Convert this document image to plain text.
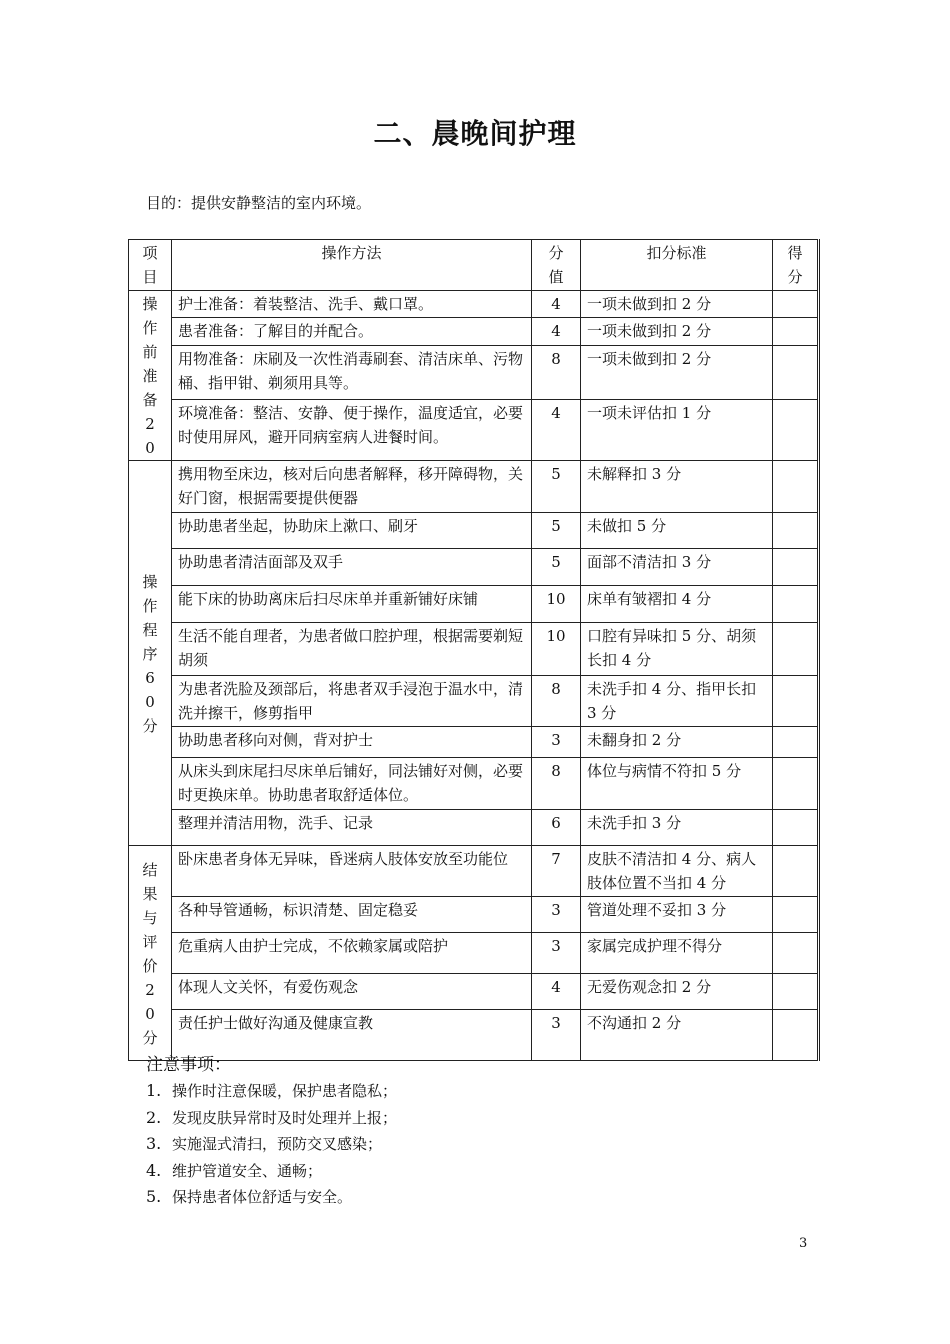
二、晨晚间护理
目的：提供安静整洁的室内环境。
项目	操作方法	分值	扣分标准	得分
操作前准备20	护士准备：着装整洁、洗手、戴口罩。	4	一项未做到扣 2 分	
	患者准备：了解目的并配合。	4	一项未做到扣 2 分	
	用物准备：床刷及一次性消毒刷套、清洁床单、污物桶、指甲钳、剃须用具等。	8	一项未做到扣 2 分	
	环境准备：整洁、安静、便于操作，温度适宜，必要时使用屏风，避开同病室病人进餐时间。	4	一项未评估扣 1 分	
操作程序60分	携用物至床边，核对后向患者解释，移开障碍物，关好门窗，根据需要提供便器	5	未解释扣 3 分	
	协助患者坐起，协助床上漱口、刷牙	5	未做扣 5 分	
	协助患者清洁面部及双手	5	面部不清洁扣 3 分	
	能下床的协助离床后扫尽床单并重新铺好床铺	10	床单有皱褶扣 4 分	
	生活不能自理者，为患者做口腔护理，根据需要剃短胡须	10	口腔有异味扣 5 分、胡须长扣 4 分	
	为患者洗脸及颈部后，将患者双手浸泡于温水中，清洗并擦干，修剪指甲	8	未洗手扣 4 分、指甲长扣 3 分	
	协助患者移向对侧，背对护士	3	未翻身扣 2 分	
	从床头到床尾扫尽床单后铺好，同法铺好对侧，必要时更换床单。协助患者取舒适体位。	8	体位与病情不符扣 5 分	
	整理并清洁用物，洗手、记录	6	未洗手扣 3 分	
结果与评价20分	卧床患者身体无异味，昏迷病人肢体安放至功能位	7	皮肤不清洁扣 4 分、病人肢体位置不当扣 4 分	
	各种导管通畅，标识清楚、固定稳妥	3	管道处理不妥扣 3 分	
	危重病人由护士完成，不依赖家属或陪护	3	家属完成护理不得分	
	体现人文关怀，有爱伤观念	4	无爱伤观念扣 2 分	
	责任护士做好沟通及健康宣教	3	不沟通扣 2 分	
注意事项：
1. 操作时注意保暖，保护患者隐私；
2. 发现皮肤异常时及时处理并上报；
3. 实施湿式清扫，预防交叉感染；
4. 维护管道安全、通畅；
5. 保持患者体位舒适与安全。
3
